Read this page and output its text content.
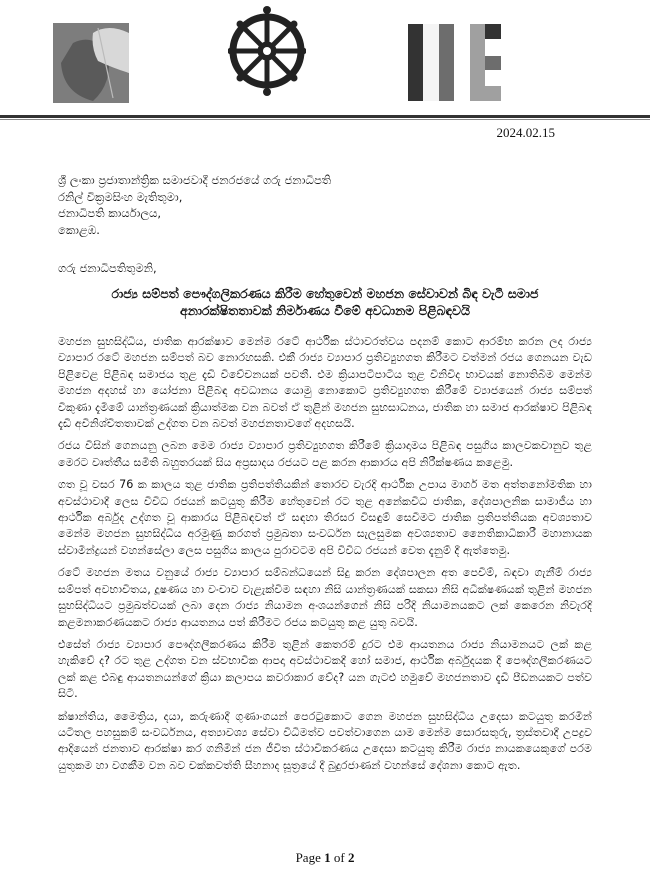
2024.02.15
ශ්‍රී ලංකා ප්‍රජාතාන්ත්‍රික සමාජවාදී ජනරජයේ ගරු ජනාධිපති
රනිල් වික්‍රමසිංහ මැතිතුමා,
ජනාධිපති කාර්යාලය,
කොළඹ.
ගරු ජනාධිපතිතුමනි,
රාජ්‍ය සම්පත් පෞද්ගලිකරණය කිරීම හේතුවෙන් මහජන සේවාවන් බිඳ වැටී සමාජ අනාරක්ෂිතතාවක් නිර්මාණය වීමේ අවධානම පිළිබඳවයි

මහජන සුභසිද්ධිය, ජාතික ආරක්ෂාව මෙන්ම රටේ ආර්ථික ස්ථාවරත්වය පදනම් කොට ආරම්භ කරන ලද රාජ්‍ය ව්‍යාපාර රටේ මහජන සම්පත් බව නොරහසකි. එකී රාජ්‍ය ව්‍යාපාර ප්‍රතිව්‍යුහගත කිරීමට වත්මන් රජය ගෙනයන වැඩ පිළිවෙළ පිළිබඳ සමාජය තුළ දැඩි විවේචනයක් පවතී. එම ක්‍රියාපටිපාටිය තුළ විනිවිද භාවයක් නොතිබීම මෙන්ම මහජන අදහස් හා යෝජනා පිළිබඳ අවධානය යොමු නොකොට ප්‍රතිව්‍යුහගත කිරීමේ ව්‍යාජයෙන් රාජ්‍ය සම්පත් විකුණා දැමීමේ යාන්ත්‍රණයක් ක්‍රියාත්මක වන බවත් ඒ තුළින් මහජන සුභසාධනය, ජාතික හා සමාජ ආරක්ෂාව පිළිබඳ දැඩි අවිනිශ්චිතතාවක් උද්ගත වන බවත් මහජනතාවගේ අදහසයි.

රජය විසින් ගෙනයනු ලබන මෙම රාජ්‍ය ව්‍යාපාර ප්‍රතිව්‍යුහගත කිරීමේ ක්‍රියාදාමය පිළිබඳ පසුගිය කාලවකවානුව තුළ මෙරට වෘත්තීය සමිති බහුතරයක් සිය අප්‍රසාදය රජයට පළ කරන ආකාරය අපි නිරීක්ෂණය කළෙමු.

ගත වූ වසර 76 ක කාලය තුළ ජාතික ප්‍රතිපත්තියකින් තොරව වැරදි ආර්ථික උපාය මාර්ග මත අත්තනෝමතික හා අවස්ථාවාදී ලෙස විවිධ රජයන් කටයුතු කිරීම හේතුවෙන් රට තුළ අනේකවිධ ජාතික, දේශපාලනික සාමාජීය හා ආර්ථික අර්බුද උද්ගත වූ ආකාරය පිළිබඳවත් ඒ සඳහා තිරසර විසඳුම් සෙවීමට ජාතික ප්‍රතිපත්තියක අවශ්‍යතාව මෙන්ම මහජන සුභසිද්ධිය අරමුණු කරගත් ප්‍රමුඛතා සංවර්ධන සැලසුමක අවශ්‍යතාව නෛතිකාධිකාරී මහානායක ස්වාමීන්ද්‍රයන් වහන්සේලා ලෙස පසුගිය කාලය පුරාවටම අපි විවිධ රජයන් වෙත දැනුම් දී ඇත්තෙමු.

රටේ මහජන මතය වනුයේ රාජ්‍ය ව්‍යාපාර සම්බන්ධයෙන් සිදු කරන දේශපාලන අත පෙවීම්, බඳවා ගැනීම් රාජ්‍ය සම්පත් අවභාවිතය, දූෂණය හා වංචාව වැළැක්වීම සඳහා නිසි යාන්ත්‍රණයක් සකසා නිසි අධීක්ෂණයක් තුළින් මහජන සුභසිද්ධියට ප්‍රමුඛත්වයක් ලබා දෙන රාජ්‍ය නියාමන අංශයන්ගෙන් නිසි පරිදි නියාමනයකට ලක් කෙරෙන නිවැරදි කළමනාකරණයකට රාජ්‍ය ආයතනය පත් කිරීමට රජය කටයුතු කළ යුතු බවයි.

එසේත් රාජ්‍ය ව්‍යාපාර පෞද්ගලීකරණය කිරීම තුළින් කෙතරම් දුරට එම ආයතනය රාජ්‍ය නියාමනයට ලක් කළ හැකිවේ ද? රට තුළ උද්ගත වන ස්වභාවික ආපදා අවස්ථාවකදී හෝ සමාජ, ආර්ථික අර්බුදයක දී පෞද්ගලීකරණයට ලක් කළ එබඳු ආයතනයන්ගේ ක්‍රියා කලාපය කවරාකාර වේද? යන ගැටළු හමුවේ මහජනතාව දැඩි පීඩනයකට පත්ව සිටී.

ක්ෂාන්තිය, මෛත්‍රිය, දයා, කරුණාදී ගුණාංගයන් පෙරටුකොට ගෙන මහජන සුභසිද්ධිය උදෙසා කටයුතු කරමින් යටිතල පහසුකම් සංවර්ධනය, අත්‍යාවශ්‍ය සේවා විධිමත්ව පවත්වාගෙන යාම මෙන්ම සොරසතුරු, ත්‍රස්තවාදී උපද්‍රව ආදියෙන් ජනතාව ආරක්ෂා කර ගනිමින් ජන ජීවිත ස්ථාවීකරණය උදෙසා කටයුතු කිරීම රාජ්‍ය නායකයෙකුගේ පරම යුතුකම හා වගකීම වන බව චක්කවත්ති සීහනාද සූත්‍රයේ දී බුදුරජාණන් වහන්සේ දේශනා කොට ඇත.

Page 1 of 2
